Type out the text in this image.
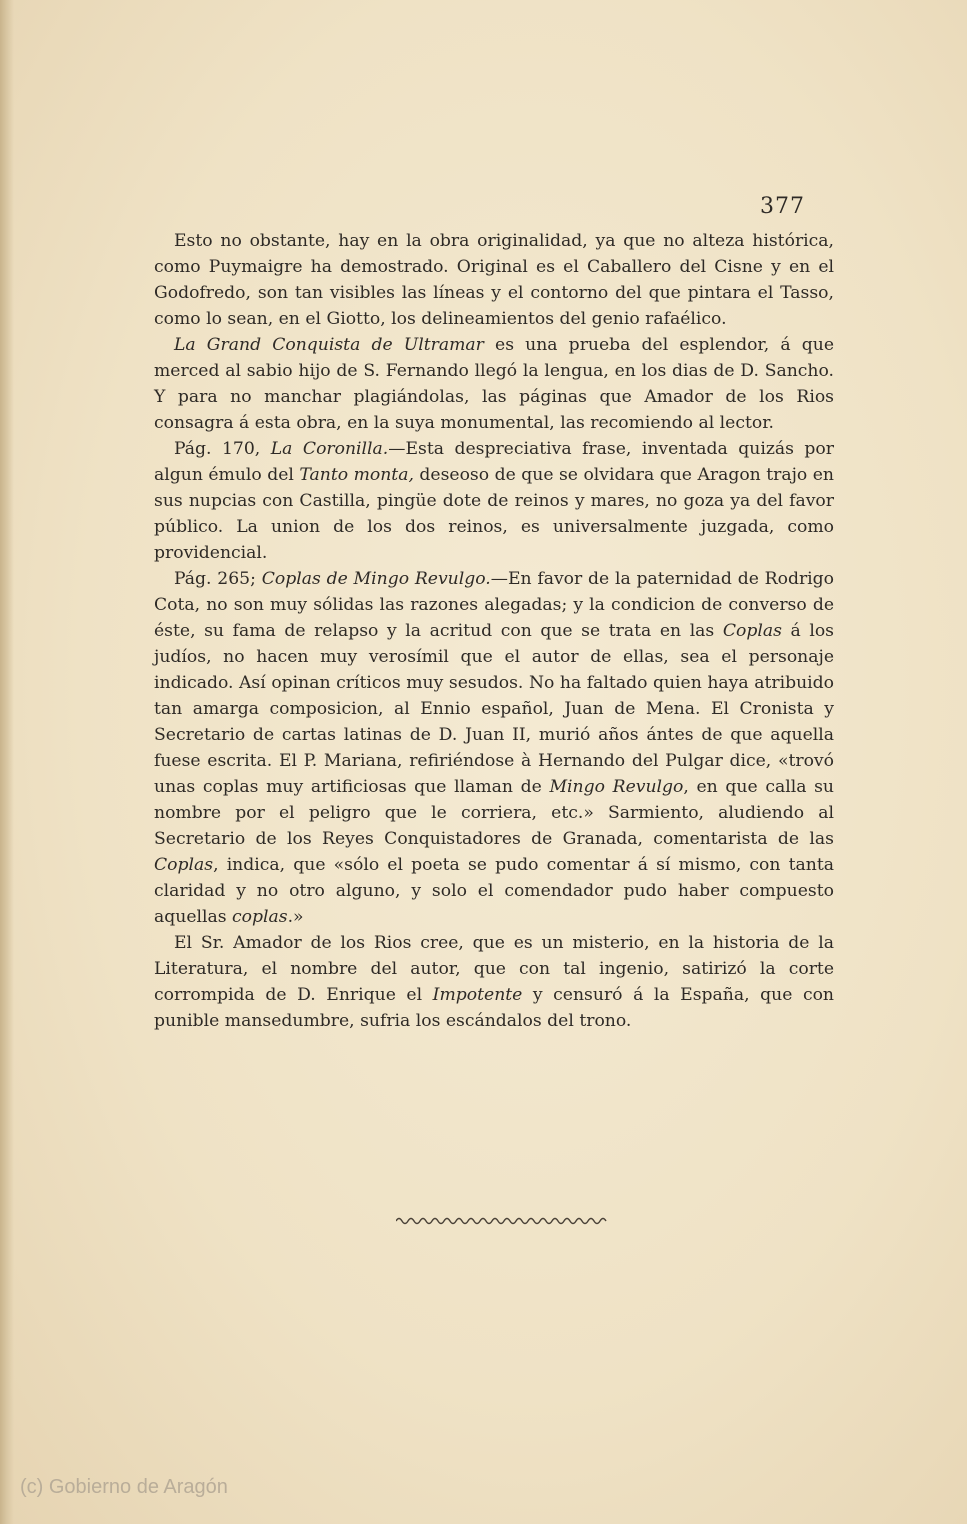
377

Esto no obstante, hay en la obra originalidad, ya que no alteza histórica, como Puymaigre ha demostrado. Original es el Caballero del Cisne y en el Godofredo, son tan visibles las líneas y el contorno del que pintara el Tasso, como lo sean, en el Giotto, los delineamientos del genio rafaélico.

La Grand Conquista de Ultramar es una prueba del esplendor, á que merced al sabio hijo de S. Fernando llegó la lengua, en los dias de D. Sancho. Y para no manchar plagiándolas, las páginas que Amador de los Rios consagra á esta obra, en la suya monumental, las recomiendo al lector.

Pág. 170, La Coronilla.—Esta despreciativa frase, inventada quizás por algun émulo del Tanto monta, deseoso de que se olvidara que Aragon trajo en sus nupcias con Castilla, pingüe dote de reinos y mares, no goza ya del favor público. La union de los dos reinos, es universalmente juzgada, como providencial.

Pág. 265; Coplas de Mingo Revulgo.—En favor de la paternidad de Rodrigo Cota, no son muy sólidas las razones alegadas; y la condicion de converso de éste, su fama de relapso y la acritud con que se trata en las Coplas á los judíos, no hacen muy verosímil que el autor de ellas, sea el personaje indicado. Así opinan críticos muy sesudos. No ha faltado quien haya atribuido tan amarga composicion, al Ennio español, Juan de Mena. El Cronista y Secretario de cartas latinas de D. Juan II, murió años ántes de que aquella fuese escrita. El P. Mariana, refiriéndose à Hernando del Pulgar dice, «trovó unas coplas muy artificiosas que llaman de Mingo Revulgo, en que calla su nombre por el peligro que le corriera, etc.» Sarmiento, aludiendo al Secretario de los Reyes Conquistadores de Granada, comentarista de las Coplas, indica, que «sólo el poeta se pudo comentar á sí mismo, con tanta claridad y no otro alguno, y solo el comendador pudo haber compuesto aquellas coplas.»

El Sr. Amador de los Rios cree, que es un misterio, en la historia de la Literatura, el nombre del autor, que con tal ingenio, satirizó la corte corrompida de D. Enrique el Impotente y censuró á la España, que con punible mansedumbre, sufria los escándalos del trono.

(c) Gobierno de Aragón
